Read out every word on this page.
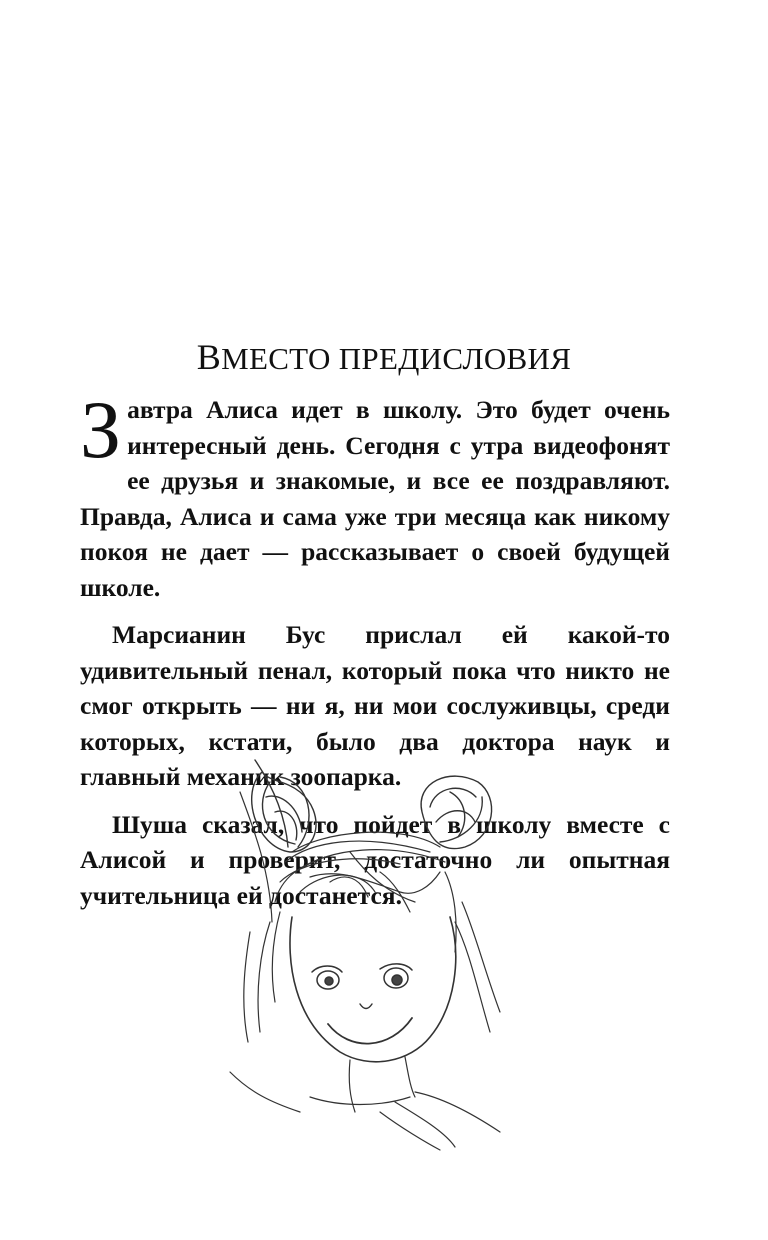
ВМЕСТО ПРЕДИСЛОВИЯ

Завтра Алиса идет в школу. Это будет очень интересный день. Сегодня с утра видеофонят ее друзья и знакомые, и все ее поздравляют. Правда, Алиса и сама уже три месяца как никому покоя не дает — рассказывает о своей будущей школе.

Марсианин Бус прислал ей какой-то удивительный пенал, который пока что никто не смог открыть — ни я, ни мои сослуживцы, среди которых, кстати, было два доктора наук и главный механик зоопарка.

Шуша сказал, что пойдет в школу вместе с Алисой и проверит, достаточно ли опытная учительница ей достанется.
